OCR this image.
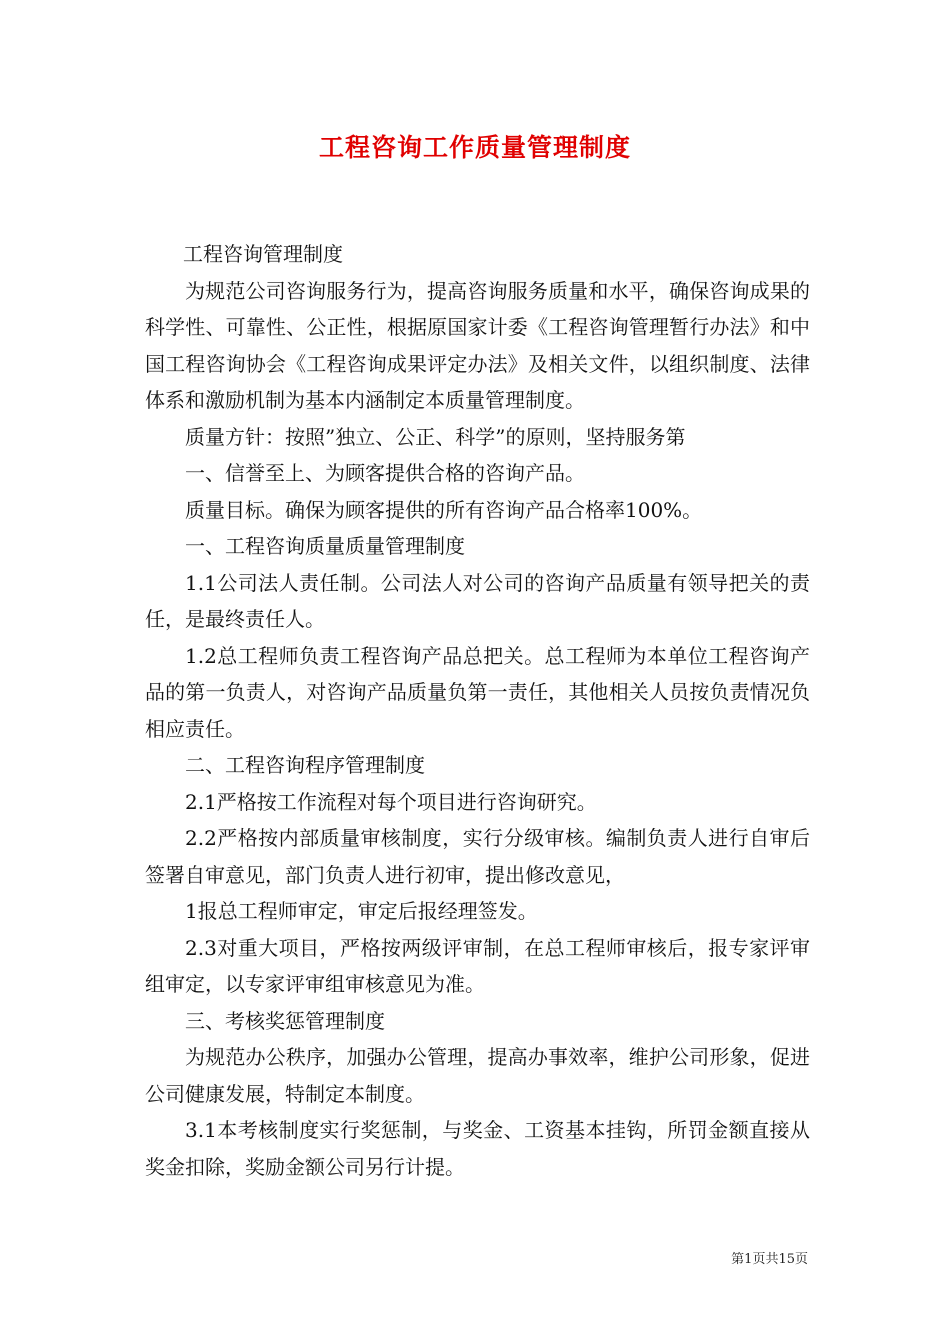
工程咨询工作质量管理制度

工程咨询管理制度

为规范公司咨询服务行为，提高咨询服务质量和水平，确保咨询成果的科学性、可靠性、公正性，根据原国家计委《工程咨询管理暂行办法》和中国工程咨询协会《工程咨询成果评定办法》及相关文件，以组织制度、法律体系和激励机制为基本内涵制定本质量管理制度。

质量方针：按照”独立、公正、科学”的原则，坚持服务第

一、信誉至上、为顾客提供合格的咨询产品。

质量目标。确保为顾客提供的所有咨询产品合格率100%。

一、工程咨询质量质量管理制度

1.1公司法人责任制。公司法人对公司的咨询产品质量有领导把关的责任，是最终责任人。

1.2总工程师负责工程咨询产品总把关。总工程师为本单位工程咨询产品的第一负责人，对咨询产品质量负第一责任，其他相关人员按负责情况负相应责任。

二、工程咨询程序管理制度

2.1严格按工作流程对每个项目进行咨询研究。

2.2严格按内部质量审核制度，实行分级审核。编制负责人进行自审后签署自审意见，部门负责人进行初审，提出修改意见，

1报总工程师审定，审定后报经理签发。

2.3对重大项目，严格按两级评审制，在总工程师审核后，报专家评审组审定，以专家评审组审核意见为准。

三、考核奖惩管理制度

为规范办公秩序，加强办公管理，提高办事效率，维护公司形象，促进公司健康发展，特制定本制度。

3.1本考核制度实行奖惩制，与奖金、工资基本挂钩，所罚金额直接从奖金扣除，奖励金额公司另行计提。

第1页共15页
